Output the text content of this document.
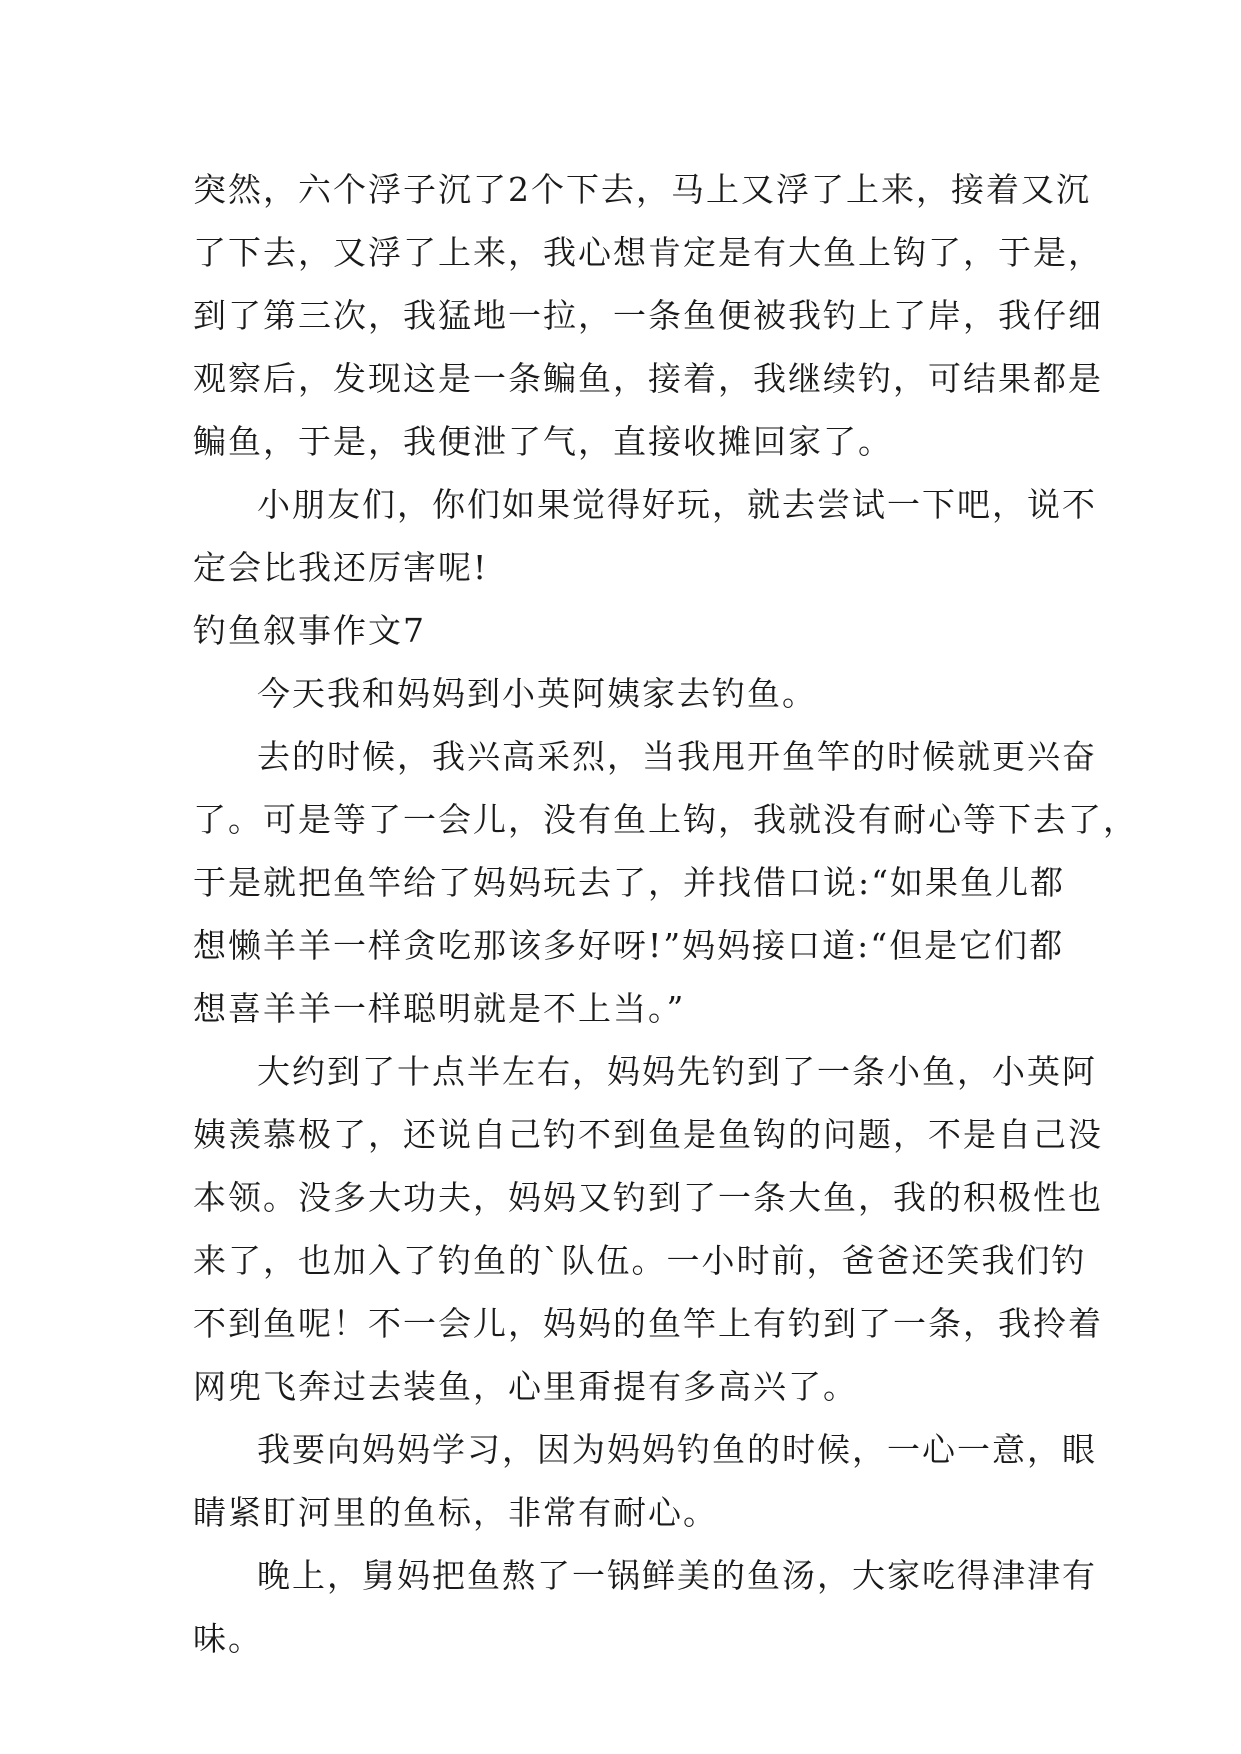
突然，六个浮子沉了2个下去，马上又浮了上来，接着又沉
了下去，又浮了上来，我心想肯定是有大鱼上钩了，于是，
到了第三次，我猛地一拉，一条鱼便被我钓上了岸，我仔细
观察后，发现这是一条鳊鱼，接着，我继续钓，可结果都是
鳊鱼，于是，我便泄了气，直接收摊回家了。
小朋友们，你们如果觉得好玩，就去尝试一下吧，说不
定会比我还厉害呢!
钓鱼叙事作文7
今天我和妈妈到小英阿姨家去钓鱼。
去的时候，我兴高采烈，当我甩开鱼竿的时候就更兴奋
了。可是等了一会儿，没有鱼上钩，我就没有耐心等下去了，
于是就把鱼竿给了妈妈玩去了，并找借口说:“如果鱼儿都
想懒羊羊一样贪吃那该多好呀!”妈妈接口道:“但是它们都
想喜羊羊一样聪明就是不上当。”
大约到了十点半左右，妈妈先钓到了一条小鱼，小英阿
姨羡慕极了，还说自己钓不到鱼是鱼钩的问题，不是自己没
本领。没多大功夫，妈妈又钓到了一条大鱼，我的积极性也
来了，也加入了钓鱼的`队伍。一小时前，爸爸还笑我们钓
不到鱼呢！不一会儿，妈妈的鱼竿上有钓到了一条，我拎着
网兜飞奔过去装鱼，心里甭提有多高兴了。
我要向妈妈学习，因为妈妈钓鱼的时候，一心一意，眼
睛紧盯河里的鱼标，非常有耐心。
晚上，舅妈把鱼熬了一锅鲜美的鱼汤，大家吃得津津有
味。
